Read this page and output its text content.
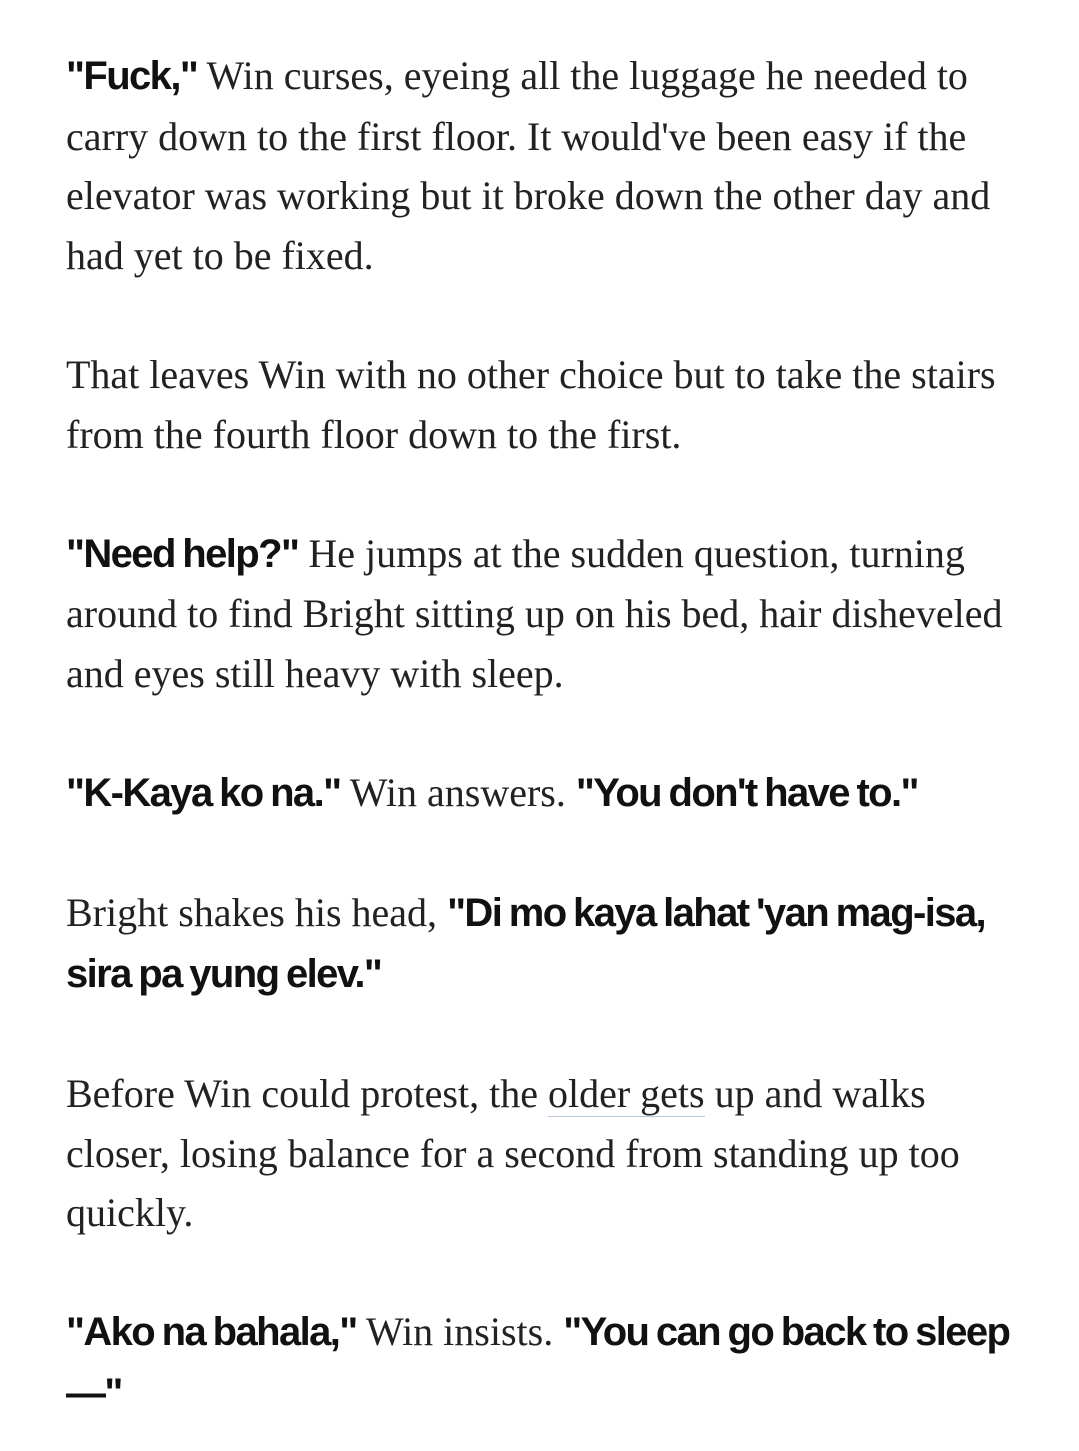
"Fuck," Win curses, eyeing all the luggage he needed to carry down to the first floor. It would've been easy if the elevator was working but it broke down the other day and had yet to be fixed.

That leaves Win with no other choice but to take the stairs from the fourth floor down to the first.

"Need help?" He jumps at the sudden question, turning around to find Bright sitting up on his bed, hair disheveled and eyes still heavy with sleep.

"K-Kaya ko na." Win answers. "You don't have to."

Bright shakes his head, "Di mo kaya lahat 'yan mag-isa, sira pa yung elev."

Before Win could protest, the older gets up and walks closer, losing balance for a second from standing up too quickly.

"Ako na bahala," Win insists. "You can go back to sleep—"
